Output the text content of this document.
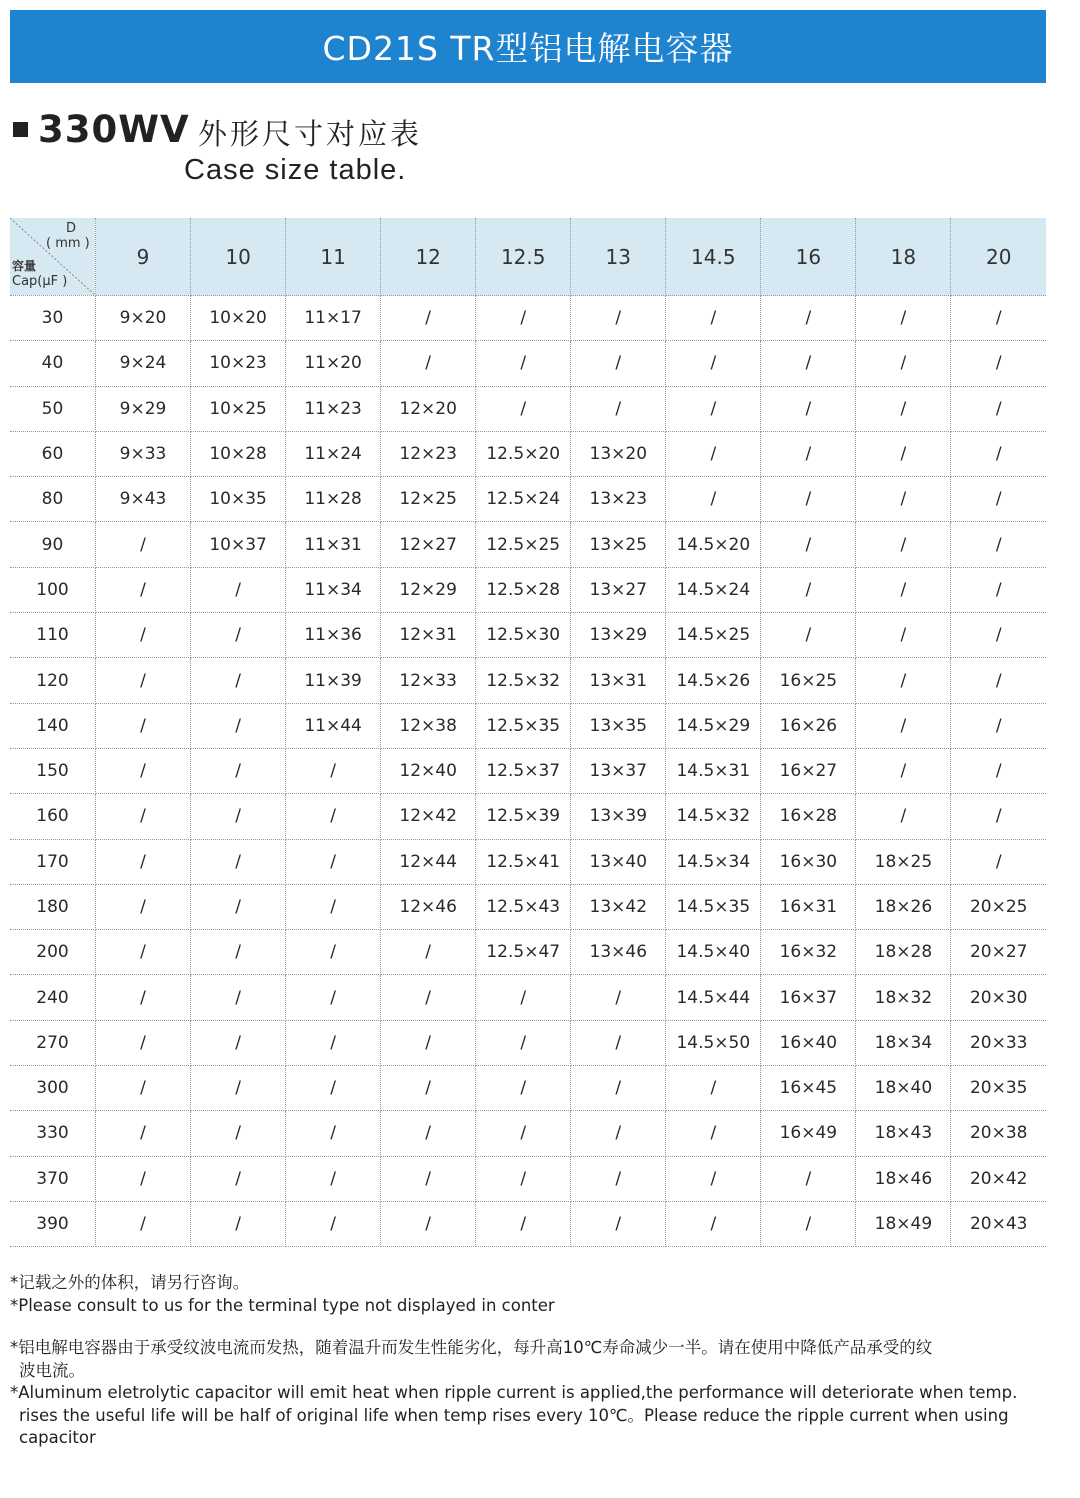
CD21S TR型铝电解电容器
330WV 外形尺寸对应表
Case size table.
D
( mm )
容量
Cap(μF )	9	10	11	12	12.5	13	14.5	16	18	20
30	9×20	10×20	11×17	/	/	/	/	/	/	/
40	9×24	10×23	11×20	/	/	/	/	/	/	/
50	9×29	10×25	11×23	12×20	/	/	/	/	/	/
60	9×33	10×28	11×24	12×23	12.5×20	13×20	/	/	/	/
80	9×43	10×35	11×28	12×25	12.5×24	13×23	/	/	/	/
90	/	10×37	11×31	12×27	12.5×25	13×25	14.5×20	/	/	/
100	/	/	11×34	12×29	12.5×28	13×27	14.5×24	/	/	/
110	/	/	11×36	12×31	12.5×30	13×29	14.5×25	/	/	/
120	/	/	11×39	12×33	12.5×32	13×31	14.5×26	16×25	/	/
140	/	/	11×44	12×38	12.5×35	13×35	14.5×29	16×26	/	/
150	/	/	/	12×40	12.5×37	13×37	14.5×31	16×27	/	/
160	/	/	/	12×42	12.5×39	13×39	14.5×32	16×28	/	/
170	/	/	/	12×44	12.5×41	13×40	14.5×34	16×30	18×25	/
180	/	/	/	12×46	12.5×43	13×42	14.5×35	16×31	18×26	20×25
200	/	/	/	/	12.5×47	13×46	14.5×40	16×32	18×28	20×27
240	/	/	/	/	/	/	14.5×44	16×37	18×32	20×30
270	/	/	/	/	/	/	14.5×50	16×40	18×34	20×33
300	/	/	/	/	/	/	/	16×45	18×40	20×35
330	/	/	/	/	/	/	/	16×49	18×43	20×38
370	/	/	/	/	/	/	/	/	18×46	20×42
390	/	/	/	/	/	/	/	/	18×49	20×43

*记载之外的体积，请另行咨询。

*Please consult to us for the terminal type not displayed in conter

*铝电解电容器由于承受纹波电流而发热，随着温升而发生性能劣化，每升高10℃寿命减少一半。请在使用中降低产品承受的纹

波电流。

*Aluminum eletrolytic capacitor will emit heat when ripple current is applied,the performance will deteriorate when temp.

rises the useful life will be half of original life when temp rises every 10℃。Please reduce the ripple current when using

capacitor
